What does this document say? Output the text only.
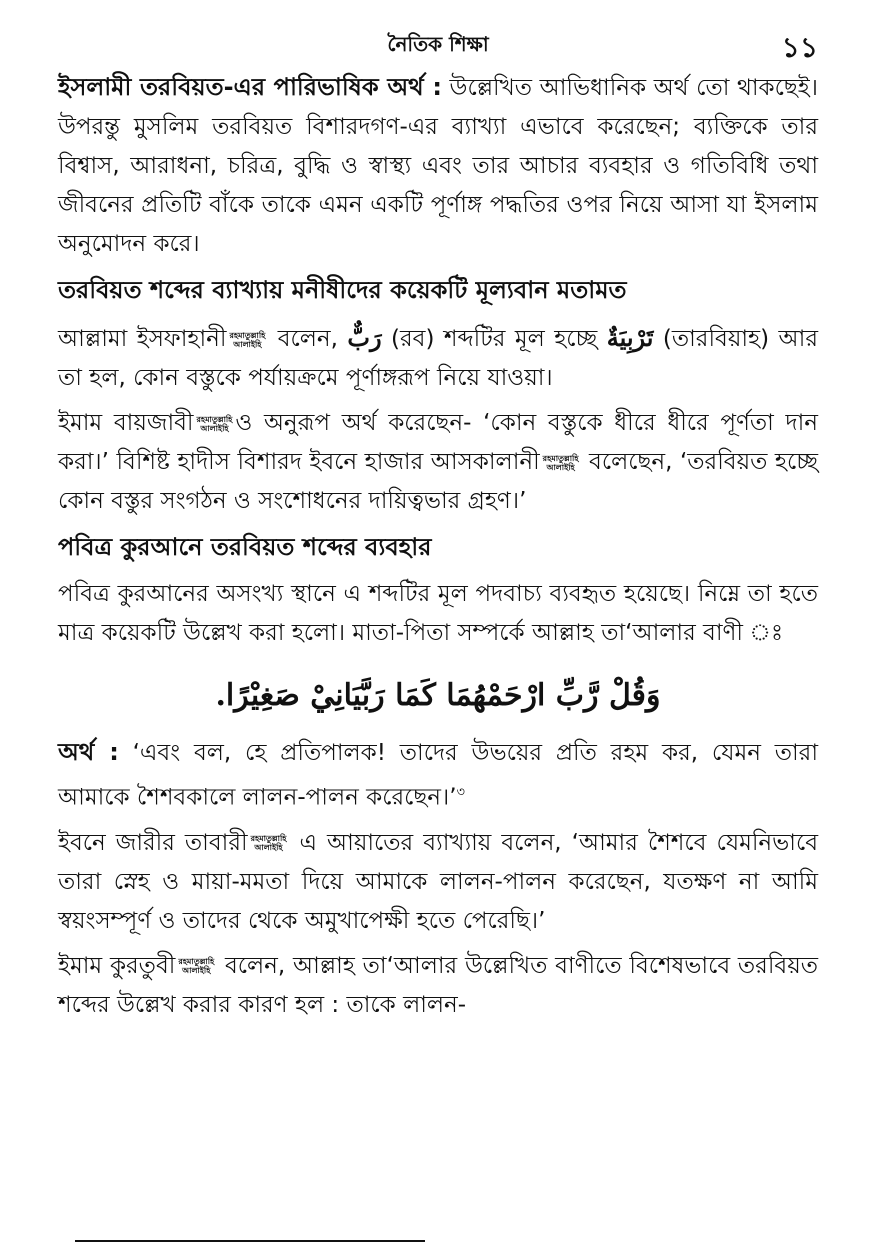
নৈতিক শিক্ষা	১১

ইসলামী তরবিয়ত-এর পারিভাষিক অর্থ : উল্লেখিত আভিধানিক অর্থ তো থাকছেই। উপরন্তু মুসলিম তরবিয়ত বিশারদগণ-এর ব্যাখ্যা এভাবে করেছেন; ব্যক্তিকে তার বিশ্বাস, আরাধনা, চরিত্র, বুদ্ধি ও স্বাস্থ্য এবং তার আচার ব্যবহার ও গতিবিধি তথা জীবনের প্রতিটি বাঁকে তাকে এমন একটি পূর্ণাঙ্গ পদ্ধতির ওপর নিয়ে আসা যা ইসলাম অনুমোদন করে।

তরবিয়ত শব্দের ব্যাখ্যায় মনীষীদের কয়েকটি মূল্যবান মতামত

আল্লামা ইসফাহানী রহমাতুল্লাহি
আলাইহি বলেন, رَبٌّ (রব) শব্দটির মূল হচ্ছে تَرْبِيَةٌ (তারবিয়াহ) আর তা হল, কোন বস্তুকে পর্যায়ক্রমে পূর্ণাঙ্গরূপ নিয়ে যাওয়া।

ইমাম বায়জাবী রহমাতুল্লাহি
আলাইহি ও অনুরূপ অর্থ করেছেন- ‘কোন বস্তুকে ধীরে ধীরে পূর্ণতা দান করা।’ বিশিষ্ট হাদীস বিশারদ ইবনে হাজার আসকালানী রহমাতুল্লাহি
আলাইহি বলেছেন, ‘তরবিয়ত হচ্ছে কোন বস্তুর সংগঠন ও সংশোধনের দায়িত্বভার গ্রহণ।’

পবিত্র কুরআনে তরবিয়ত শব্দের ব্যবহার

পবিত্র কুরআনের অসংখ্য স্থানে এ শব্দটির মূল পদবাচ্য ব্যবহৃত হয়েছে। নিম্নে তা হতে মাত্র কয়েকটি উল্লেখ করা হলো। মাতা-পিতা সম্পর্কে আল্লাহ তা‘আলার বাণী ঃ

وَقُلْ رَّبِّ ارْحَمْهُمَا كَمَا رَبَّيَانِيْ صَغِيْرًا.

অর্থ : ‘এবং বল, হে প্রতিপালক! তাদের উভয়ের প্রতি রহম কর, যেমন তারা আমাকে শৈশবকালে লালন-পালন করেছেন।’$^৩$

ইবনে জারীর তাবারী রহমাতুল্লাহি
আলাইহি এ আয়াতের ব্যাখ্যায় বলেন, ‘আমার শৈশবে যেমনিভাবে তারা স্নেহ ও মায়া-মমতা দিয়ে আমাকে লালন-পালন করেছেন, যতক্ষণ না আমি স্বয়ংসম্পূর্ণ ও তাদের থেকে অমুখাপেক্ষী হতে পেরেছি।’

ইমাম কুরতুবী রহমাতুল্লাহি
আলাইহি বলেন, আল্লাহ তা‘আলার উল্লেখিত বাণীতে বিশেষভাবে তরবিয়ত শব্দের উল্লেখ করার কারণ হল : তাকে লালন-
